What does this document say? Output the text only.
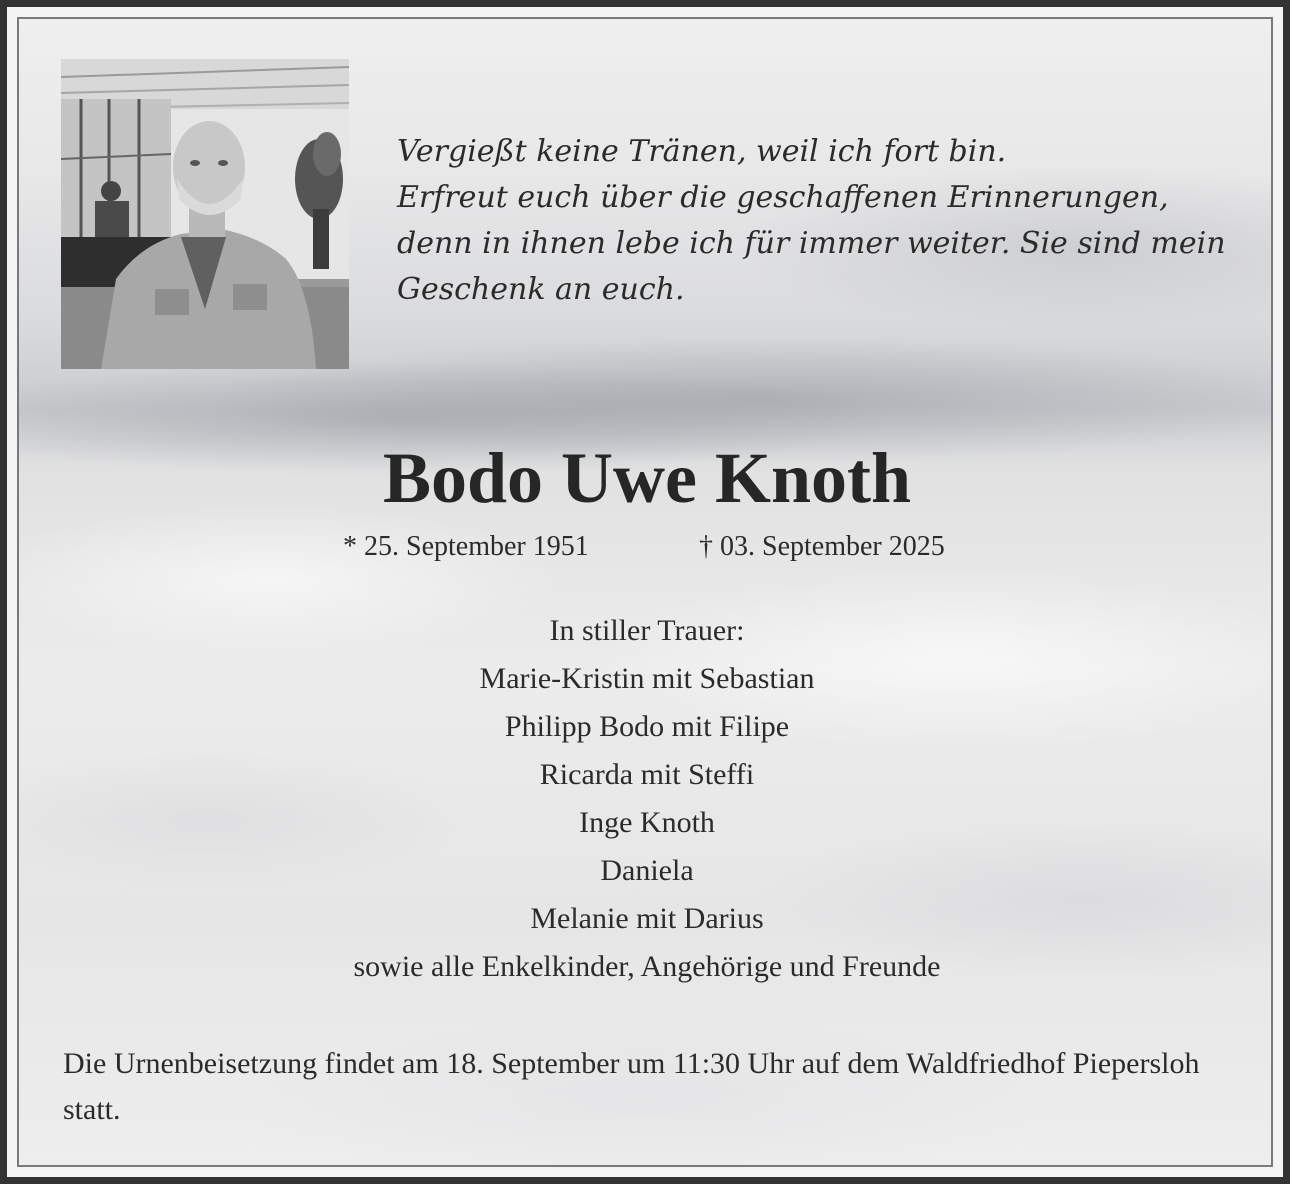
Vergießt keine Tränen, weil ich fort bin.
Erfreut euch über die geschaffenen Erinnerungen,
denn in ihnen lebe ich für immer weiter. Sie sind mein
Geschenk an euch.

Bodo Uwe Knoth
* 25. September 1951	† 03. September 2025
In stiller Trauer:
Marie-Kristin mit Sebastian
Philipp Bodo mit Filipe
Ricarda mit Steffi
Inge Knoth
Daniela
Melanie mit Darius
sowie alle Enkelkinder, Angehörige und Freunde

Die Urnenbeisetzung findet am 18. September um 11:30 Uhr auf dem Waldfriedhof Piepersloh statt.
